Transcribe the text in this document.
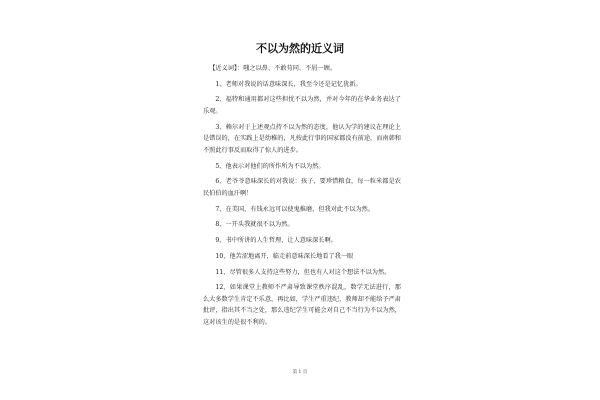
不以为然的近义词

【近义词】：嗤之以鼻、不敢苟同、不屑一顾。

1、老师对我说的话意味深长，我至今还是记忆犹新。

2、福特和通用都对这些担忧不以为然，并对今年的在华业务表达了乐观。

3、赖尔对于上述观点持不以为然的态度，他认为学的建议在理论上是错误的，在实践上是幼稚的，凡按此行事的国家都没有前途，而南韩和不照此行事反而取得了惊人的进步。

5、他表示对他们的所作所为不以为然。

6、老爷爷意味深长的对我说：孩子，要珍惜粮食，每一粒米都是农民伯伯的血汗啊！

7、在美国，有钱永远可以使鬼推磨，但我对此不以为然。

8、一开头我就很不以为然。

9、书中所讲的人生哲理，让人意味深长啊。

10、他苦涩地离开，临走前意味深长地看了我一眼

11、尽管很多人支持这些努力，但也有人对这个想法不以为然。

12、如果课堂上教师不严肃导致课堂秩序混乱，数学无法进行，那么大多数学生肯定不乐意，再比如，学生严重违纪，教师却不能给予严肃批评，指出其不当之处，那么违纪学生可能会对自己不当行为不以为然，这对该生的是很不利的。

第 1 页
